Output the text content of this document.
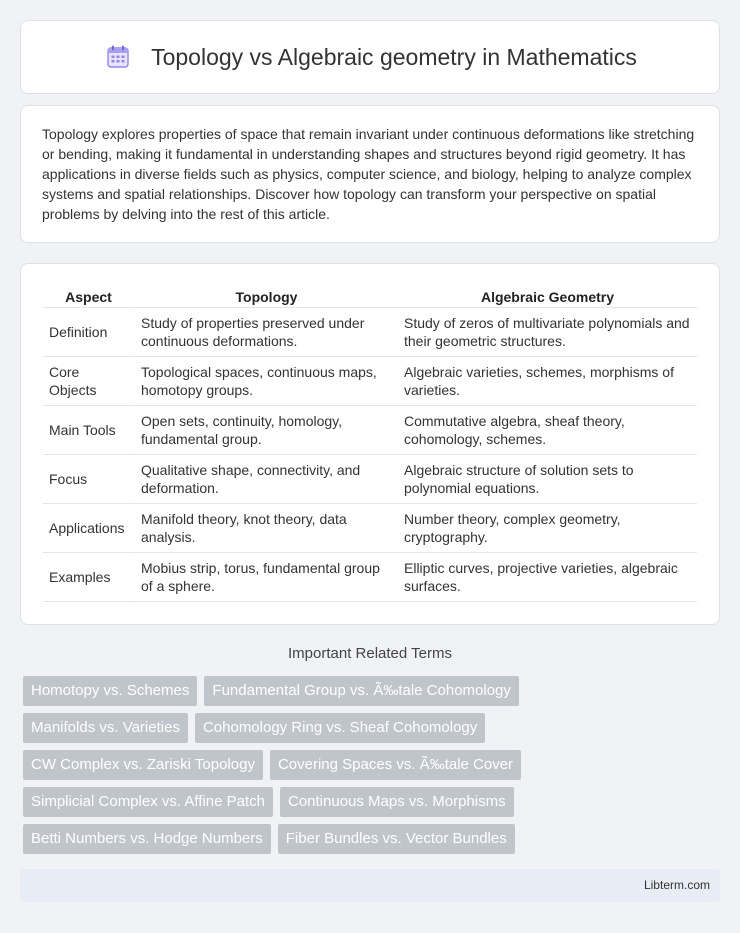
Topology vs Algebraic geometry in Mathematics

Topology explores properties of space that remain invariant under continuous deformations like stretching or bending, making it fundamental in understanding shapes and structures beyond rigid geometry. It has applications in diverse fields such as physics, computer science, and biology, helping to analyze complex systems and spatial relationships. Discover how topology can transform your perspective on spatial problems by delving into the rest of this article.

Aspect	Topology	Algebraic Geometry
Definition	Study of properties preserved under continuous deformations.	Study of zeros of multivariate polynomials and their geometric structures.
Core Objects	Topological spaces, continuous maps, homotopy groups.	Algebraic varieties, schemes, morphisms of varieties.
Main Tools	Open sets, continuity, homology, fundamental group.	Commutative algebra, sheaf theory, cohomology, schemes.
Focus	Qualitative shape, connectivity, and deformation.	Algebraic structure of solution sets to polynomial equations.
Applications	Manifold theory, knot theory, data analysis.	Number theory, complex geometry, cryptography.
Examples	Mobius strip, torus, fundamental group of a sphere.	Elliptic curves, projective varieties, algebraic surfaces.
Important Related Terms
Homotopy vs. Schemes	Fundamental Group vs. Ã‰tale Cohomology
Manifolds vs. Varieties	Cohomology Ring vs. Sheaf Cohomology
CW Complex vs. Zariski Topology	Covering Spaces vs. Ã‰tale Cover
Simplicial Complex vs. Affine Patch	Continuous Maps vs. Morphisms
Betti Numbers vs. Hodge Numbers	Fiber Bundles vs. Vector Bundles
Libterm.com
